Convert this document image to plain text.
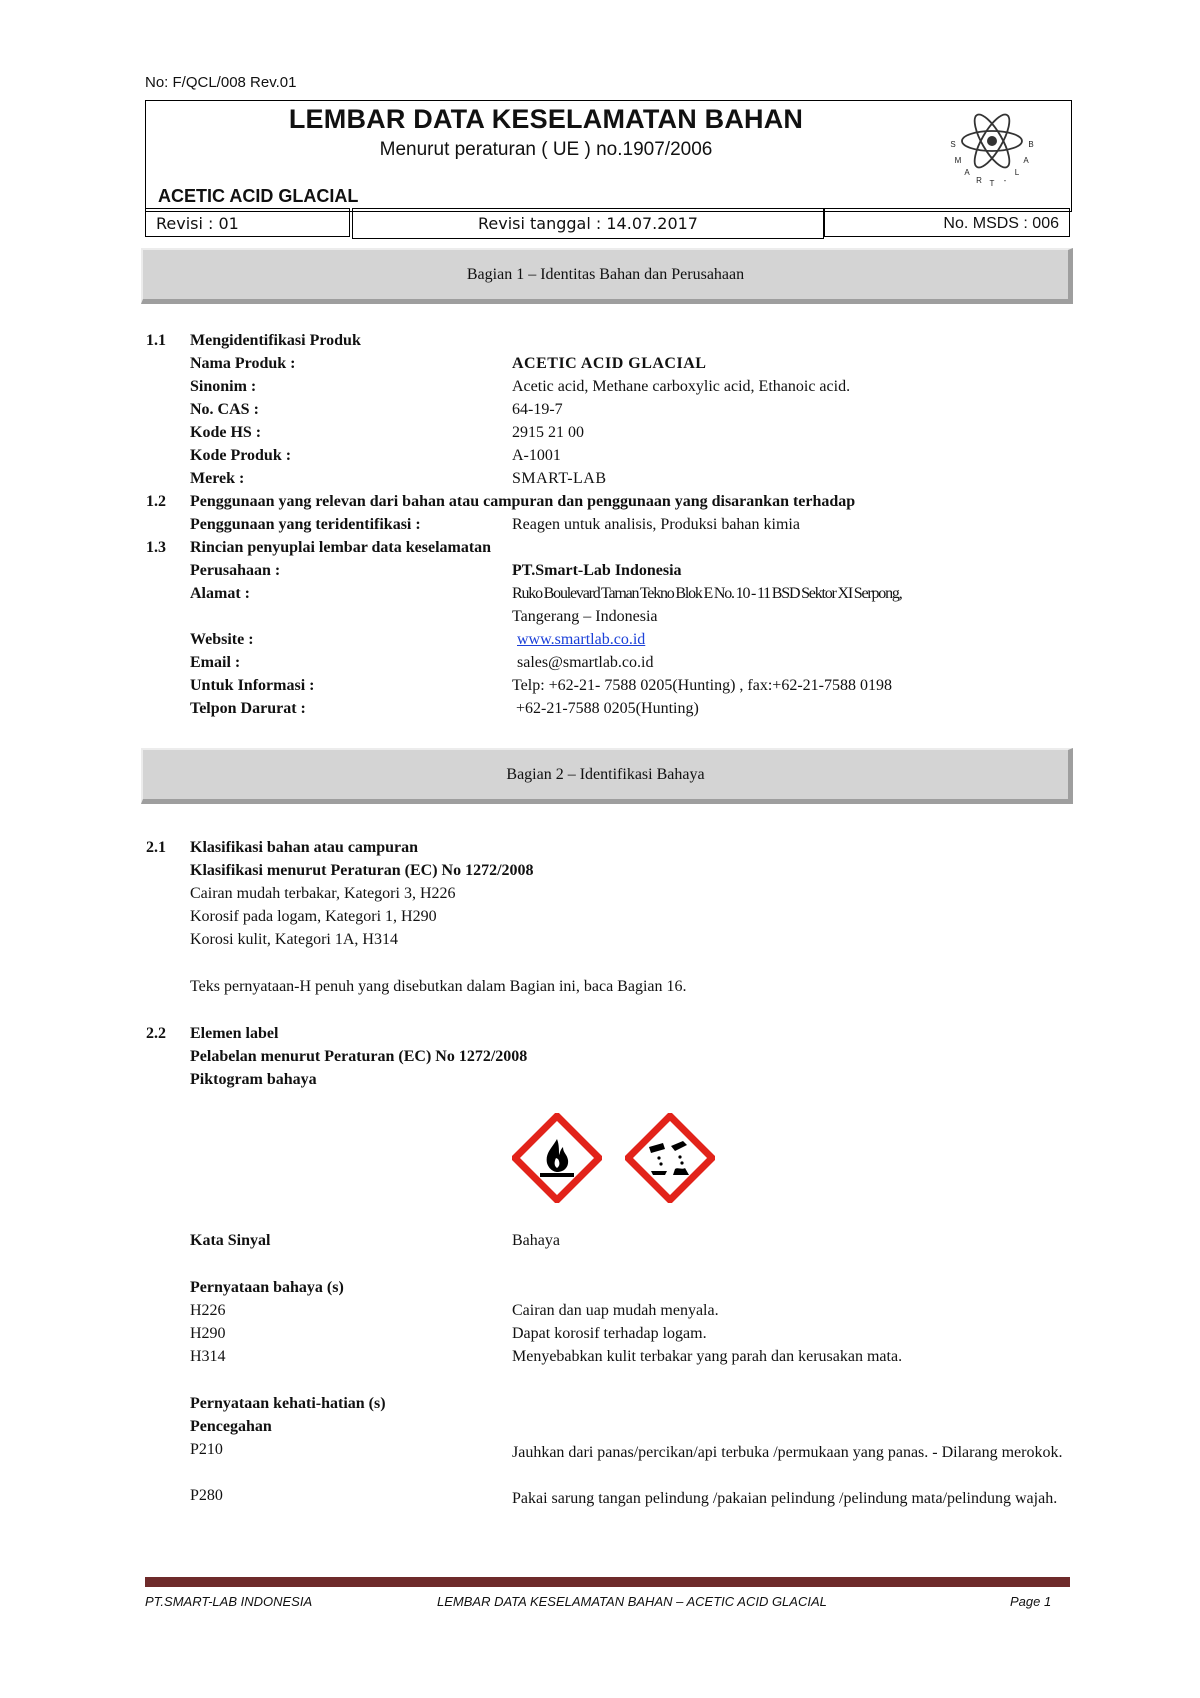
No: F/QCL/008 Rev.01
LEMBAR DATA KESELAMATAN BAHAN
Menurut peraturan ( UE ) no.1907/2006
ACETIC ACID GLACIAL
S
M
A
R T -
L
A
B
Revisi : 01	Revisi tanggal : 14.07.2017	No. MSDS : 006
Bagian 1 – Identitas Bahan dan Perusahaan
1.1 Mengidentifikasi Produk
Nama Produk :	ACETIC ACID GLACIAL
Sinonim :	Acetic acid, Methane carboxylic acid, Ethanoic acid.
No. CAS :	64-19-7
Kode HS :	2915 21 00
Kode Produk :	A-1001
Merek :	SMART-LAB
1.2 Penggunaan yang relevan dari bahan atau campuran dan penggunaan yang disarankan terhadap
Penggunaan yang teridentifikasi :	Reagen untuk analisis, Produksi bahan kimia
1.3 Rincian penyuplai lembar data keselamatan
Perusahaan :	PT.Smart-Lab Indonesia
Alamat :	Ruko Boulevard Taman Tekno Blok E No. 10 - 11 BSD Sektor XI Serpong,
Tangerang – Indonesia
Website :	www.smartlab.co.id
Email :	sales@smartlab.co.id
Untuk Informasi :	Telp: +62-21- 7588 0205(Hunting) , fax:+62-21-7588 0198
Telpon Darurat :	+62-21-7588 0205(Hunting)
Bagian 2 – Identifikasi Bahaya
2.1 Klasifikasi bahan atau campuran
Klasifikasi menurut Peraturan (EC) No 1272/2008
Cairan mudah terbakar, Kategori 3, H226
Korosif pada logam, Kategori 1, H290
Korosi kulit, Kategori 1A, H314
Teks pernyataan-H penuh yang disebutkan dalam Bagian ini, baca Bagian 16.
2.2 Elemen label
Pelabelan menurut Peraturan (EC) No 1272/2008
Piktogram bahaya
Kata Sinyal	Bahaya
Pernyataan bahaya (s)
H226	Cairan dan uap mudah menyala.
H290	Dapat korosif terhadap logam.
H314	Menyebabkan kulit terbakar yang parah dan kerusakan mata.
Pernyataan kehati-hatian (s)
Pencegahan
P210	Jauhkan dari panas/percikan/api terbuka /permukaan yang panas. - Dilarang merokok.
P280	Pakai sarung tangan pelindung /pakaian pelindung /pelindung mata/pelindung wajah.
PT.SMART-LAB INDONESIA	LEMBAR DATA KESELAMATAN BAHAN – ACETIC ACID GLACIAL	Page 1
